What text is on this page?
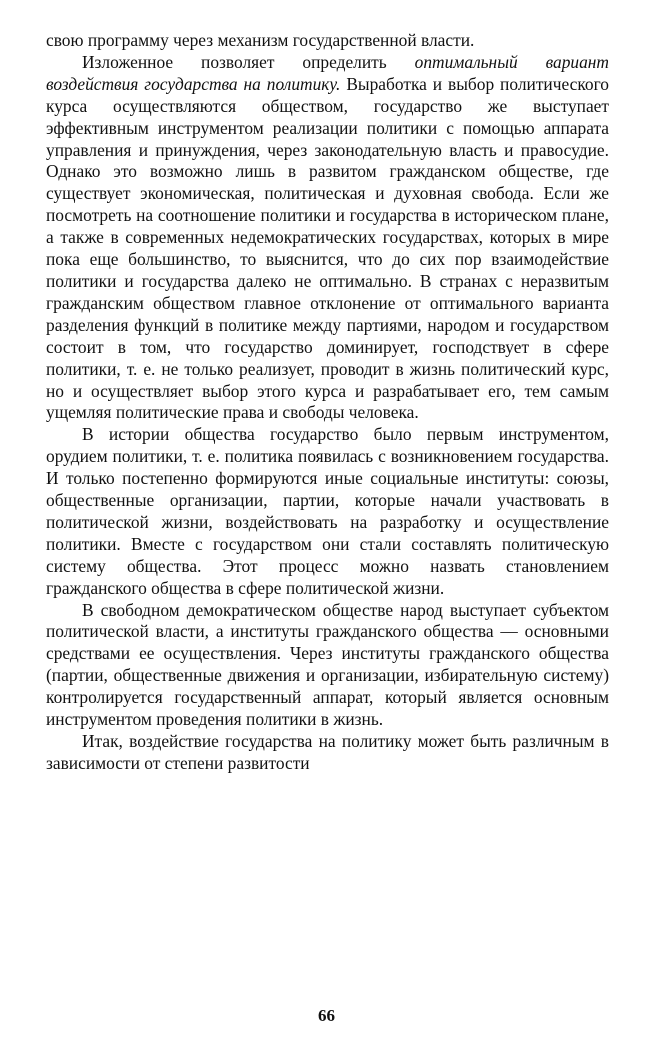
свою программу через механизм государственной власти.

Изложенное позволяет определить оптимальный вариант воздействия государства на политику. Выработка и выбор политического курса осуществляются обществом, государство же выступает эффективным инструментом реализации политики с помощью аппарата управления и принуждения, через законодательную власть и правосудие. Однако это возможно лишь в развитом гражданском обществе, где существует экономическая, политическая и духовная свобода. Если же посмотреть на соотношение политики и государства в историческом плане, а также в современных недемократических государствах, которых в мире пока еще большинство, то выяснится, что до сих пор взаимодействие политики и государства далеко не оптимально. В странах с неразвитым гражданским обществом главное отклонение от оптимального варианта разделения функций в политике между партиями, народом и государством состоит в том, что государство доминирует, господствует в сфере политики, т. е. не только реализует, проводит в жизнь политический курс, но и осуществляет выбор этого курса и разрабатывает его, тем самым ущемляя политические права и свободы человека.

В истории общества государство было первым инструментом, орудием политики, т. е. политика появилась с возникновением государства. И только постепенно формируются иные социальные институты: союзы, общественные организации, партии, которые начали участвовать в политической жизни, воздействовать на разработку и осуществление политики. Вместе с государством они стали составлять политическую систему общества. Этот процесс можно назвать становлением гражданского общества в сфере политической жизни.

В свободном демократическом обществе народ выступает субъектом политической власти, а институты гражданского общества — основными средствами ее осуществления. Через институты гражданского общества (партии, общественные движения и организации, избирательную систему) контролируется государственный аппарат, который является основным инструментом проведения политики в жизнь.

Итак, воздействие государства на политику может быть различным в зависимости от степени развитости

66
